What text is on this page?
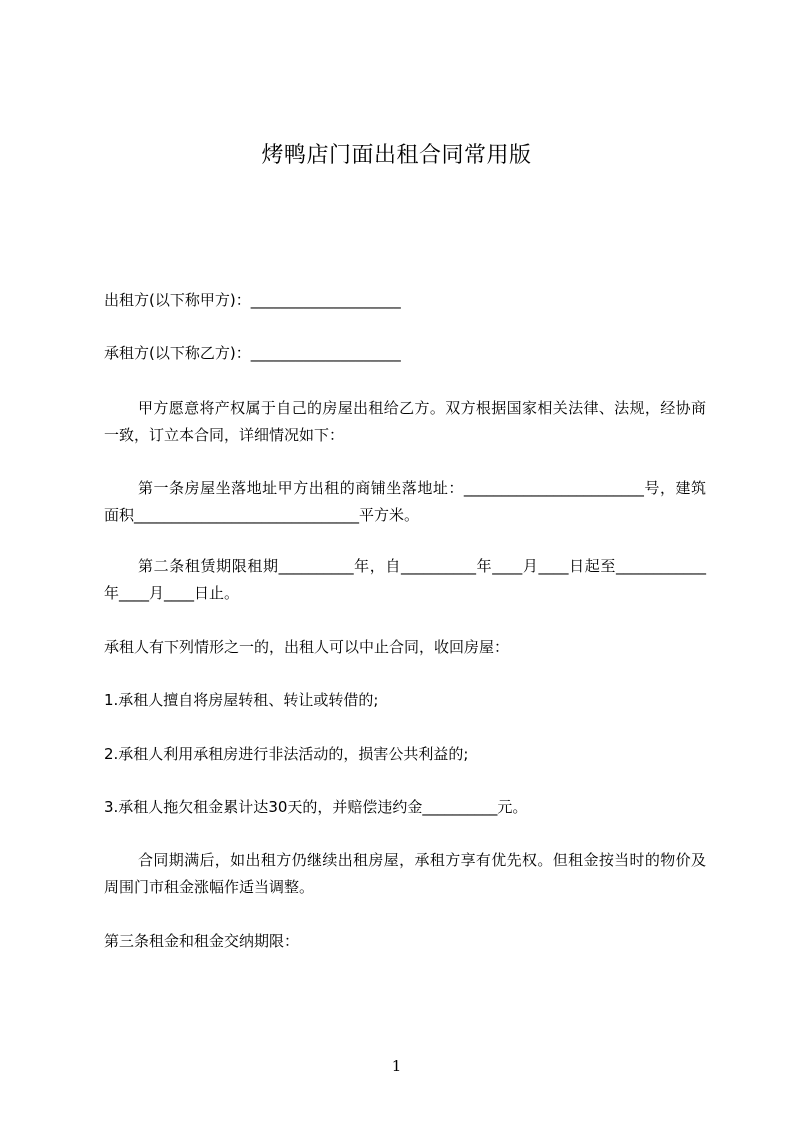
烤鸭店门面出租合同常用版
出租方(以下称甲方)：____________________
承租方(以下称乙方)：____________________
甲方愿意将产权属于自己的房屋出租给乙方。双方根据国家相关法律、法规，经协商一致，订立本合同，详细情况如下：
第一条房屋坐落地址甲方出租的商铺坐落地址：________________________号，建筑面积______________________________平方米。
第二条租赁期限租期__________年，自__________年____月____日起至____________年____月____日止。
承租人有下列情形之一的，出租人可以中止合同，收回房屋：
1.承租人擅自将房屋转租、转让或转借的;
2.承租人利用承租房进行非法活动的，损害公共利益的;
3.承租人拖欠租金累计达30天的，并赔偿违约金__________元。
合同期满后，如出租方仍继续出租房屋，承租方享有优先权。但租金按当时的物价及周围门市租金涨幅作适当调整。
第三条租金和租金交纳期限：
1
